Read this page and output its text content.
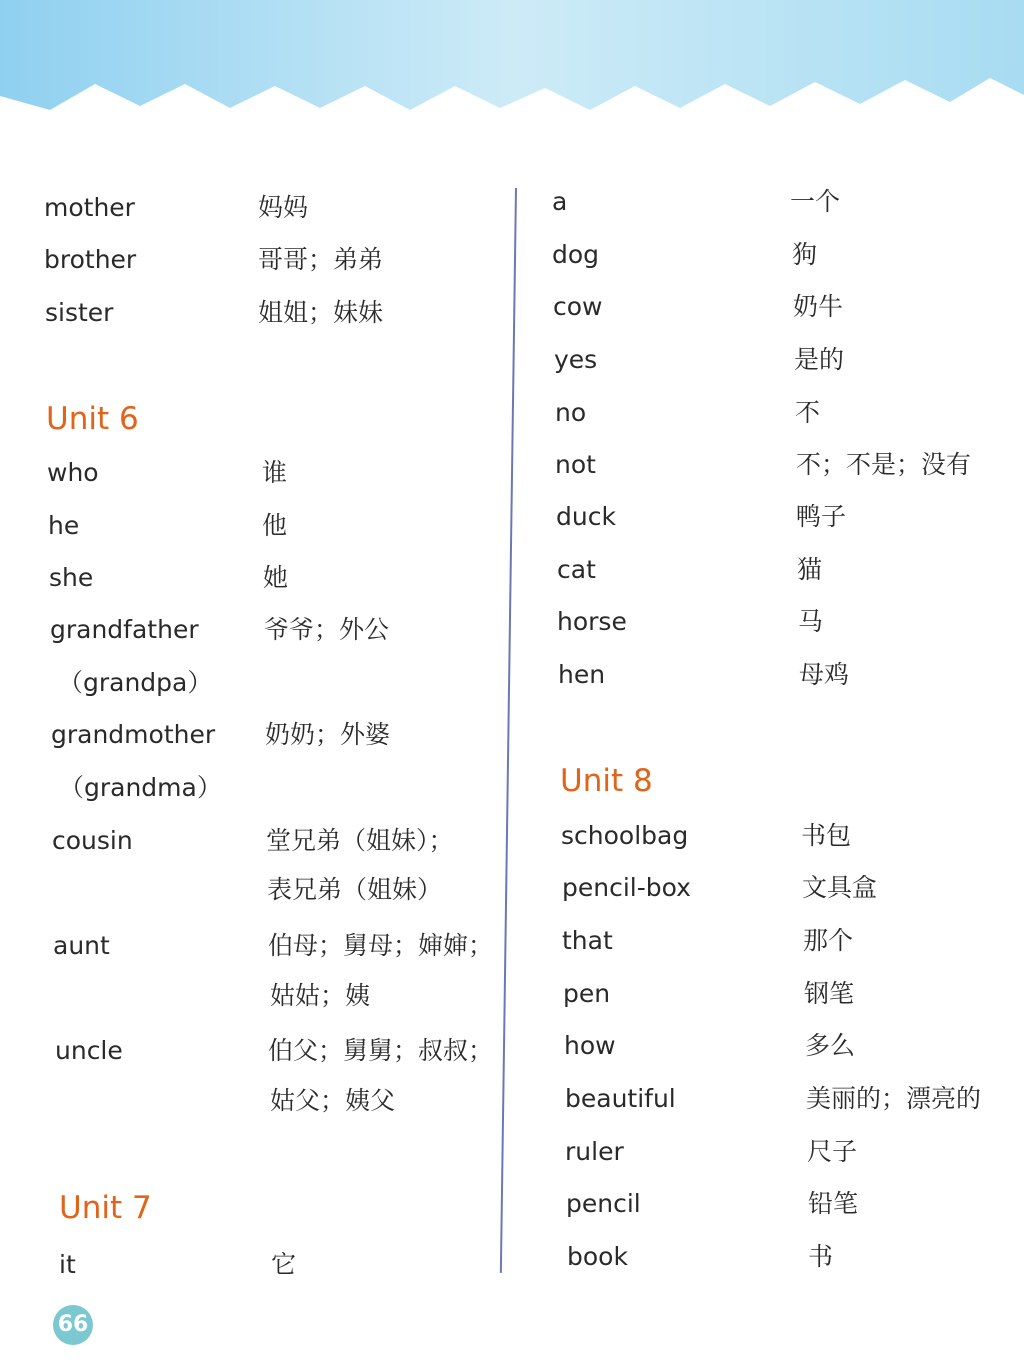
mother	妈妈
brother	哥哥；弟弟
sister	姐姐；妹妹
Unit 6
who	谁
he	他
she	她
grandfather	爷爷；外公
（grandpa）
grandmother 奶奶；外婆
（grandma）
cousin	堂兄弟（姐妹）；
表兄弟（姐妹）
aunt	伯母；舅母；婶婶；
姑姑；姨
uncle	伯父；舅舅；叔叔；
姑父；姨父
Unit 7
it	它
a	一个
dog	狗
cow	奶牛
yes	是的
no	不
not	不；不是；没有
duck	鸭子
cat	猫
horse	马
hen	母鸡
Unit 8
schoolbag	书包
pencil-box	文具盒
that	那个
pen	钢笔
how	多么
beautiful	美丽的；漂亮的
ruler	尺子
pencil	铅笔
book	书
66
